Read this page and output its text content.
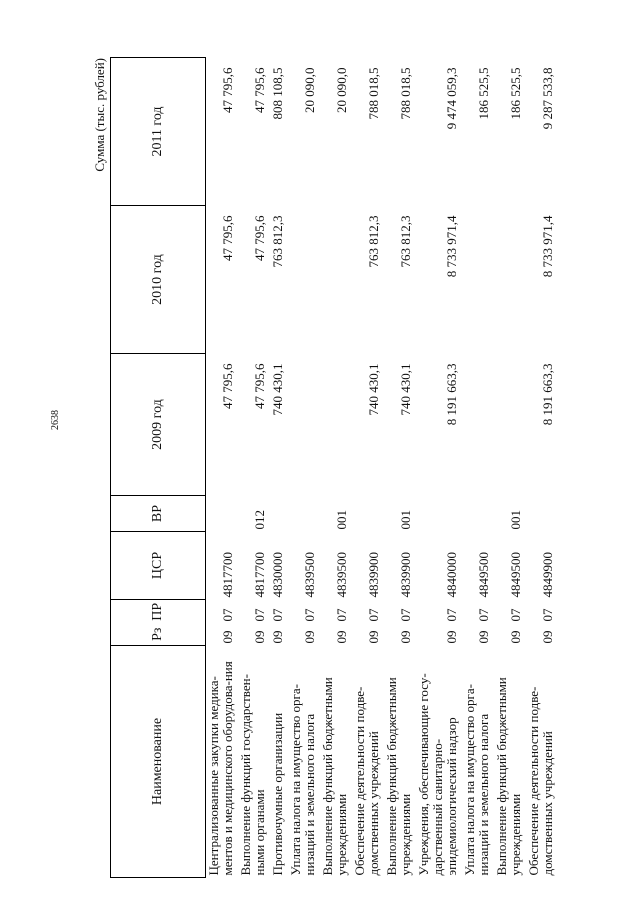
2638
Сумма (тыс. рублей)
Наименование	Рз	ПР	ЦСР	ВР	2009 год	2010 год	2011 год
Централизованные закупки медика-ментов и медицинского оборудова-ния	09	07	4817700		47 795,6	47 795,6	47 795,6
Выполнение функций государствен-ными органами	09	07	4817700	012	47 795,6	47 795,6	47 795,6
Противочумные организации	09	07	4830000		740 430,1	763 812,3	808 108,5
Уплата налога на имущество орга-низаций и земельного налога	09	07	4839500				20 090,0
Выполнение функций бюджетными учреждениями	09	07	4839500	001			20 090,0
Обеспечение деятельности подве-домственных учреждений	09	07	4839900		740 430,1	763 812,3	788 018,5
Выполнение функций бюджетными учреждениями	09	07	4839900	001	740 430,1	763 812,3	788 018,5
Учреждения, обеспечивающие госу-дарственный санитарно-эпидемиологический надзор	09	07	4840000		8 191 663,3	8 733 971,4	9 474 059,3
Уплата налога на имущество орга-низаций и земельного налога	09	07	4849500				186 525,5
Выполнение функций бюджетными учреждениями	09	07	4849500	001			186 525,5
Обеспечение деятельности подве-домственных учреждений	09	07	4849900		8 191 663,3	8 733 971,4	9 287 533,8
